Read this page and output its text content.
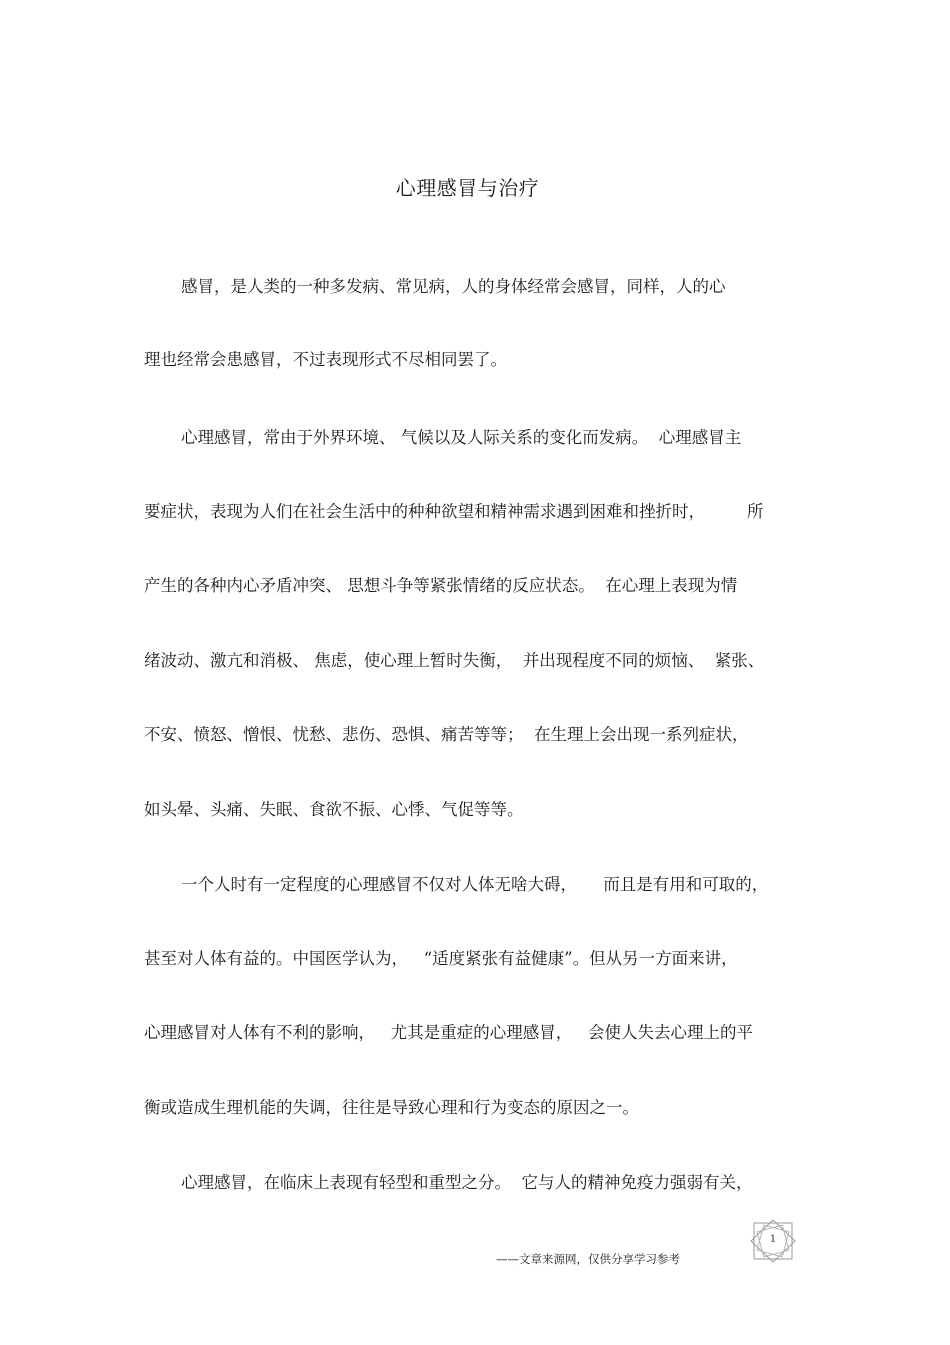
心理感冒与治疗
感冒，是人类的一种多发病、常见病，人的身体经常会感冒，同样，人的心
理也经常会患感冒，不过表现形式不尽相同罢了。
心理感冒，常由于外界环境、 气候以及人际关系的变化而发病。  心理感冒主
要症状，表现为人们在社会生活中的种种欲望和精神需求遇到困难和挫折时，        所
产生的各种内心矛盾冲突、 思想斗争等紧张情绪的反应状态。  在心理上表现为情
绪波动、激亢和消极、 焦虑，使心理上暂时失衡，  并出现程度不同的烦恼、  紧张、
不安、愤怒、憎恨、忧愁、悲伤、恐惧、痛苦等等；  在生理上会出现一系列症状，
如头晕、头痛、失眠、食欲不振、心悸、气促等等。
一个人时有一定程度的心理感冒不仅对人体无啥大碍，     而且是有用和可取的，
甚至对人体有益的。中国医学认为，   “适度紧张有益健康”。但从另一方面来讲，
心理感冒对人体有不利的影响，   尤其是重症的心理感冒，   会使人失去心理上的平
衡或造成生理机能的失调，往往是导致心理和行为变态的原因之一。
心理感冒，在临床上表现有轻型和重型之分。  它与人的精神免疫力强弱有关，
1
——文章来源网，仅供分享学习参考
